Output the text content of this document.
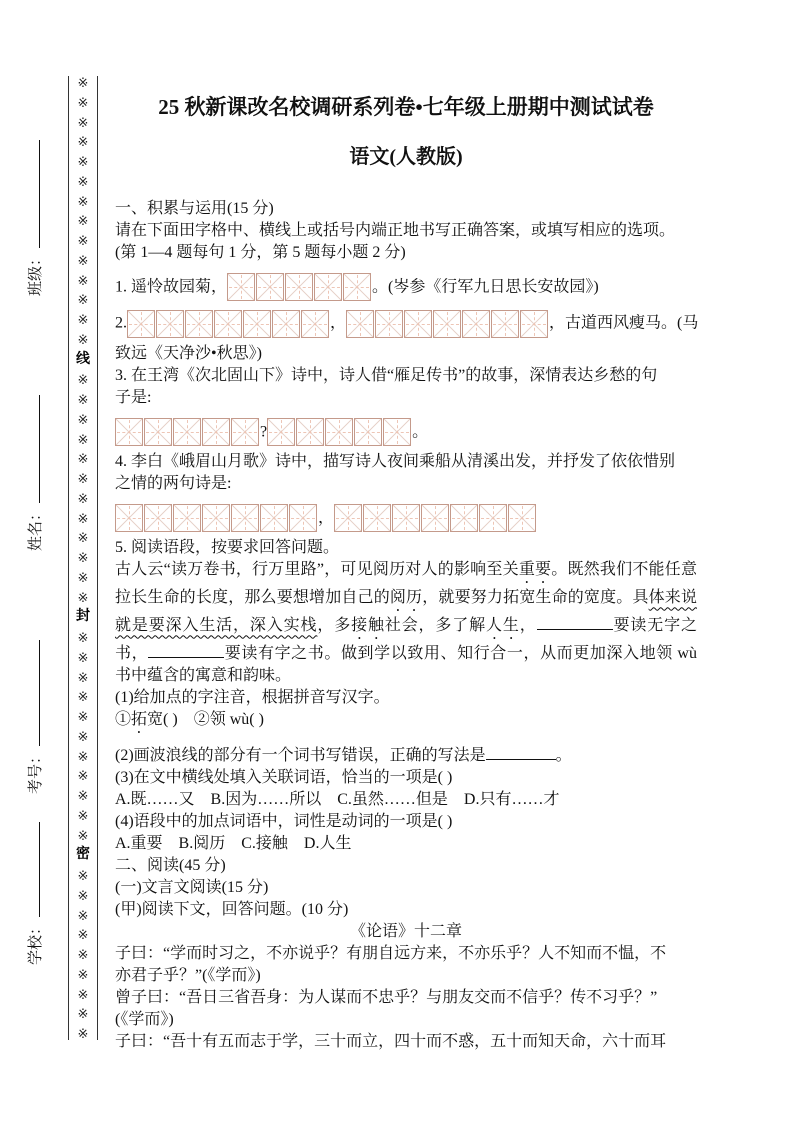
※
※
※
※
※
※
※
※
※
※
※
※
※
※
线
※
※
※
※
※
※
※
※
※
※
※
※
封
※
※
※
※
※
※
※
※
※
※
※
密
※
※
※
※
※
※
※
※
※
班级：
姓名：
考号：
学校：
25 秋新课改名校调研系列卷•七年级上册期中测试试卷
语文(人教版)
一、积累与运用(15 分)
请在下面田字格中、横线上或括号内端正地书写正确答案，或填写相应的选项。
(第 1—4 题每句 1 分，第 5 题每小题 2 分)
1. 遥怜故园菊，	。(岑参《行军九日思长安故园》)
2.	，	，古道西风瘦马。(马
致远《天净沙•秋思》)
3. 在王湾《次北固山下》诗中，诗人借“雁足传书”的故事，深情表达乡愁的句
子是:
?	。
4. 李白《峨眉山月歌》诗中，描写诗人夜间乘船从清溪出发，并抒发了依依惜别
之情的两句诗是:
，
5. 阅读语段，按要求回答问题。
古人云“读万卷书，行万里路”，可见阅历对人的影响至关重要。既然我们不能任意拉长生命的长度，那么要想增加自己的阅历，就要努力拓宽生命的宽度。具体来说就是要深入生活，深入实栈，多接触社会，多了解人生，	要读无字之书，	要读有字之书。做到学以致用、知行合一，从而更加深入地领 wù 书中蕴含的寓意和韵味。
(1)给加点的字注音，根据拼音写汉字。
①拓宽( )　②领 wù( )
(2)画波浪线的部分有一个词书写错误，正确的写法是	。
(3)在文中横线处填入关联词语，恰当的一项是( )
A.既……又　B.因为……所以　C.虽然……但是　D.只有……才
(4)语段中的加点词语中，词性是动词的一项是( )
A.重要　B.阅历　C.接触　D.人生
二、阅读(45 分)
(一)文言文阅读(15 分)
(甲)阅读下文，回答问题。(10 分)
《论语》十二章
子曰：“学而时习之，不亦说乎？有朋自远方来，不亦乐乎？人不知而不愠，不
亦君子乎？”(《学而》)
曾子曰：“吾日三省吾身：为人谋而不忠乎？与朋友交而不信乎？传不习乎？”
(《学而》)
子曰：“吾十有五而志于学，三十而立，四十而不惑，五十而知天命，六十而耳
